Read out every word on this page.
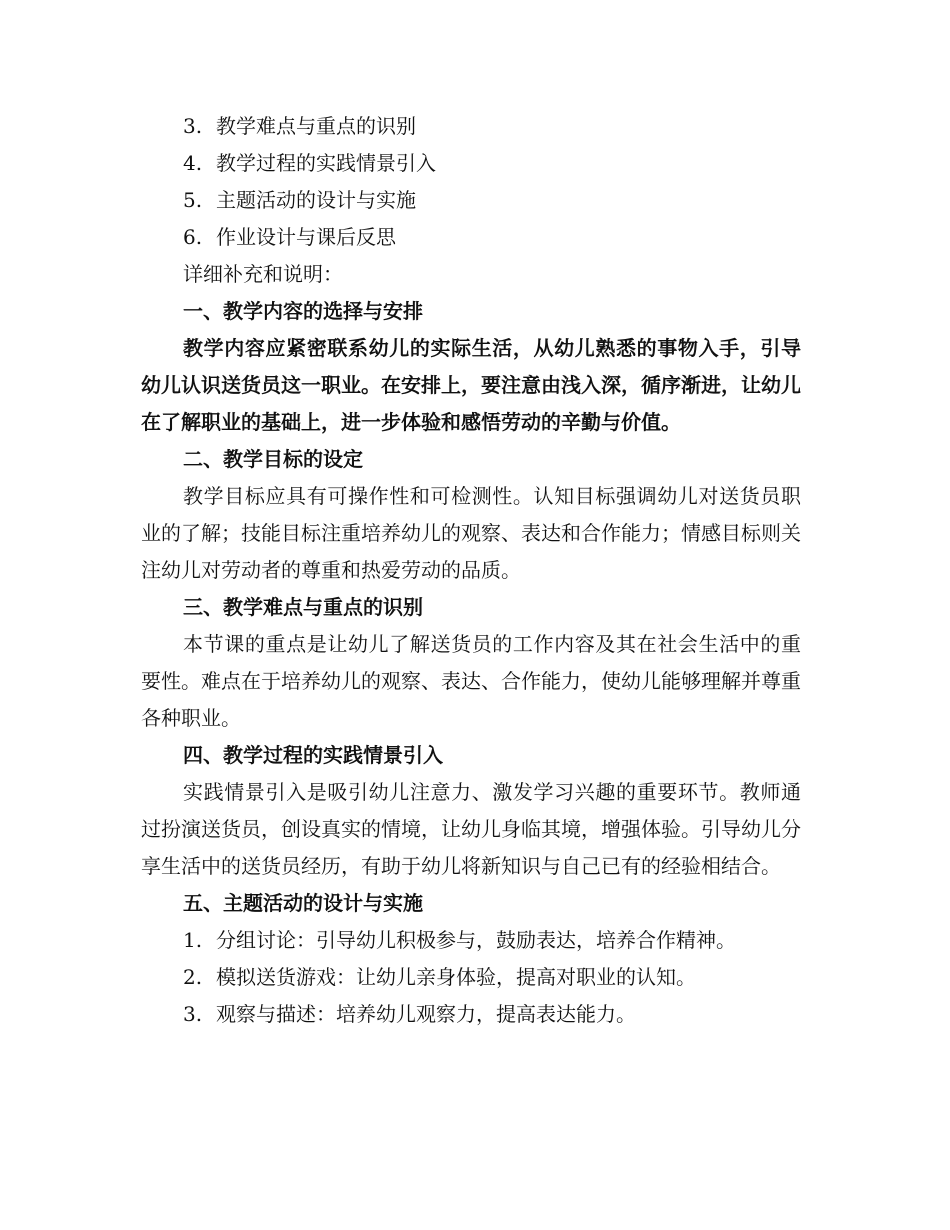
3. 教学难点与重点的识别
4. 教学过程的实践情景引入
5. 主题活动的设计与实施
6. 作业设计与课后反思
详细补充和说明：
一、教学内容的选择与安排

教学内容应紧密联系幼儿的实际生活，从幼儿熟悉的事物入手，引导幼儿认识送货员这一职业。在安排上，要注意由浅入深，循序渐进，让幼儿在了解职业的基础上，进一步体验和感悟劳动的辛勤与价值。

二、教学目标的设定

教学目标应具有可操作性和可检测性。认知目标强调幼儿对送货员职业的了解；技能目标注重培养幼儿的观察、表达和合作能力；情感目标则关注幼儿对劳动者的尊重和热爱劳动的品质。

三、教学难点与重点的识别

本节课的重点是让幼儿了解送货员的工作内容及其在社会生活中的重要性。难点在于培养幼儿的观察、表达、合作能力，使幼儿能够理解并尊重各种职业。

四、教学过程的实践情景引入

实践情景引入是吸引幼儿注意力、激发学习兴趣的重要环节。教师通过扮演送货员，创设真实的情境，让幼儿身临其境，增强体验。引导幼儿分享生活中的送货员经历，有助于幼儿将新知识与自己已有的经验相结合。

五、主题活动的设计与实施
1. 分组讨论：引导幼儿积极参与，鼓励表达，培养合作精神。
2. 模拟送货游戏：让幼儿亲身体验，提高对职业的认知。
3. 观察与描述：培养幼儿观察力，提高表达能力。
